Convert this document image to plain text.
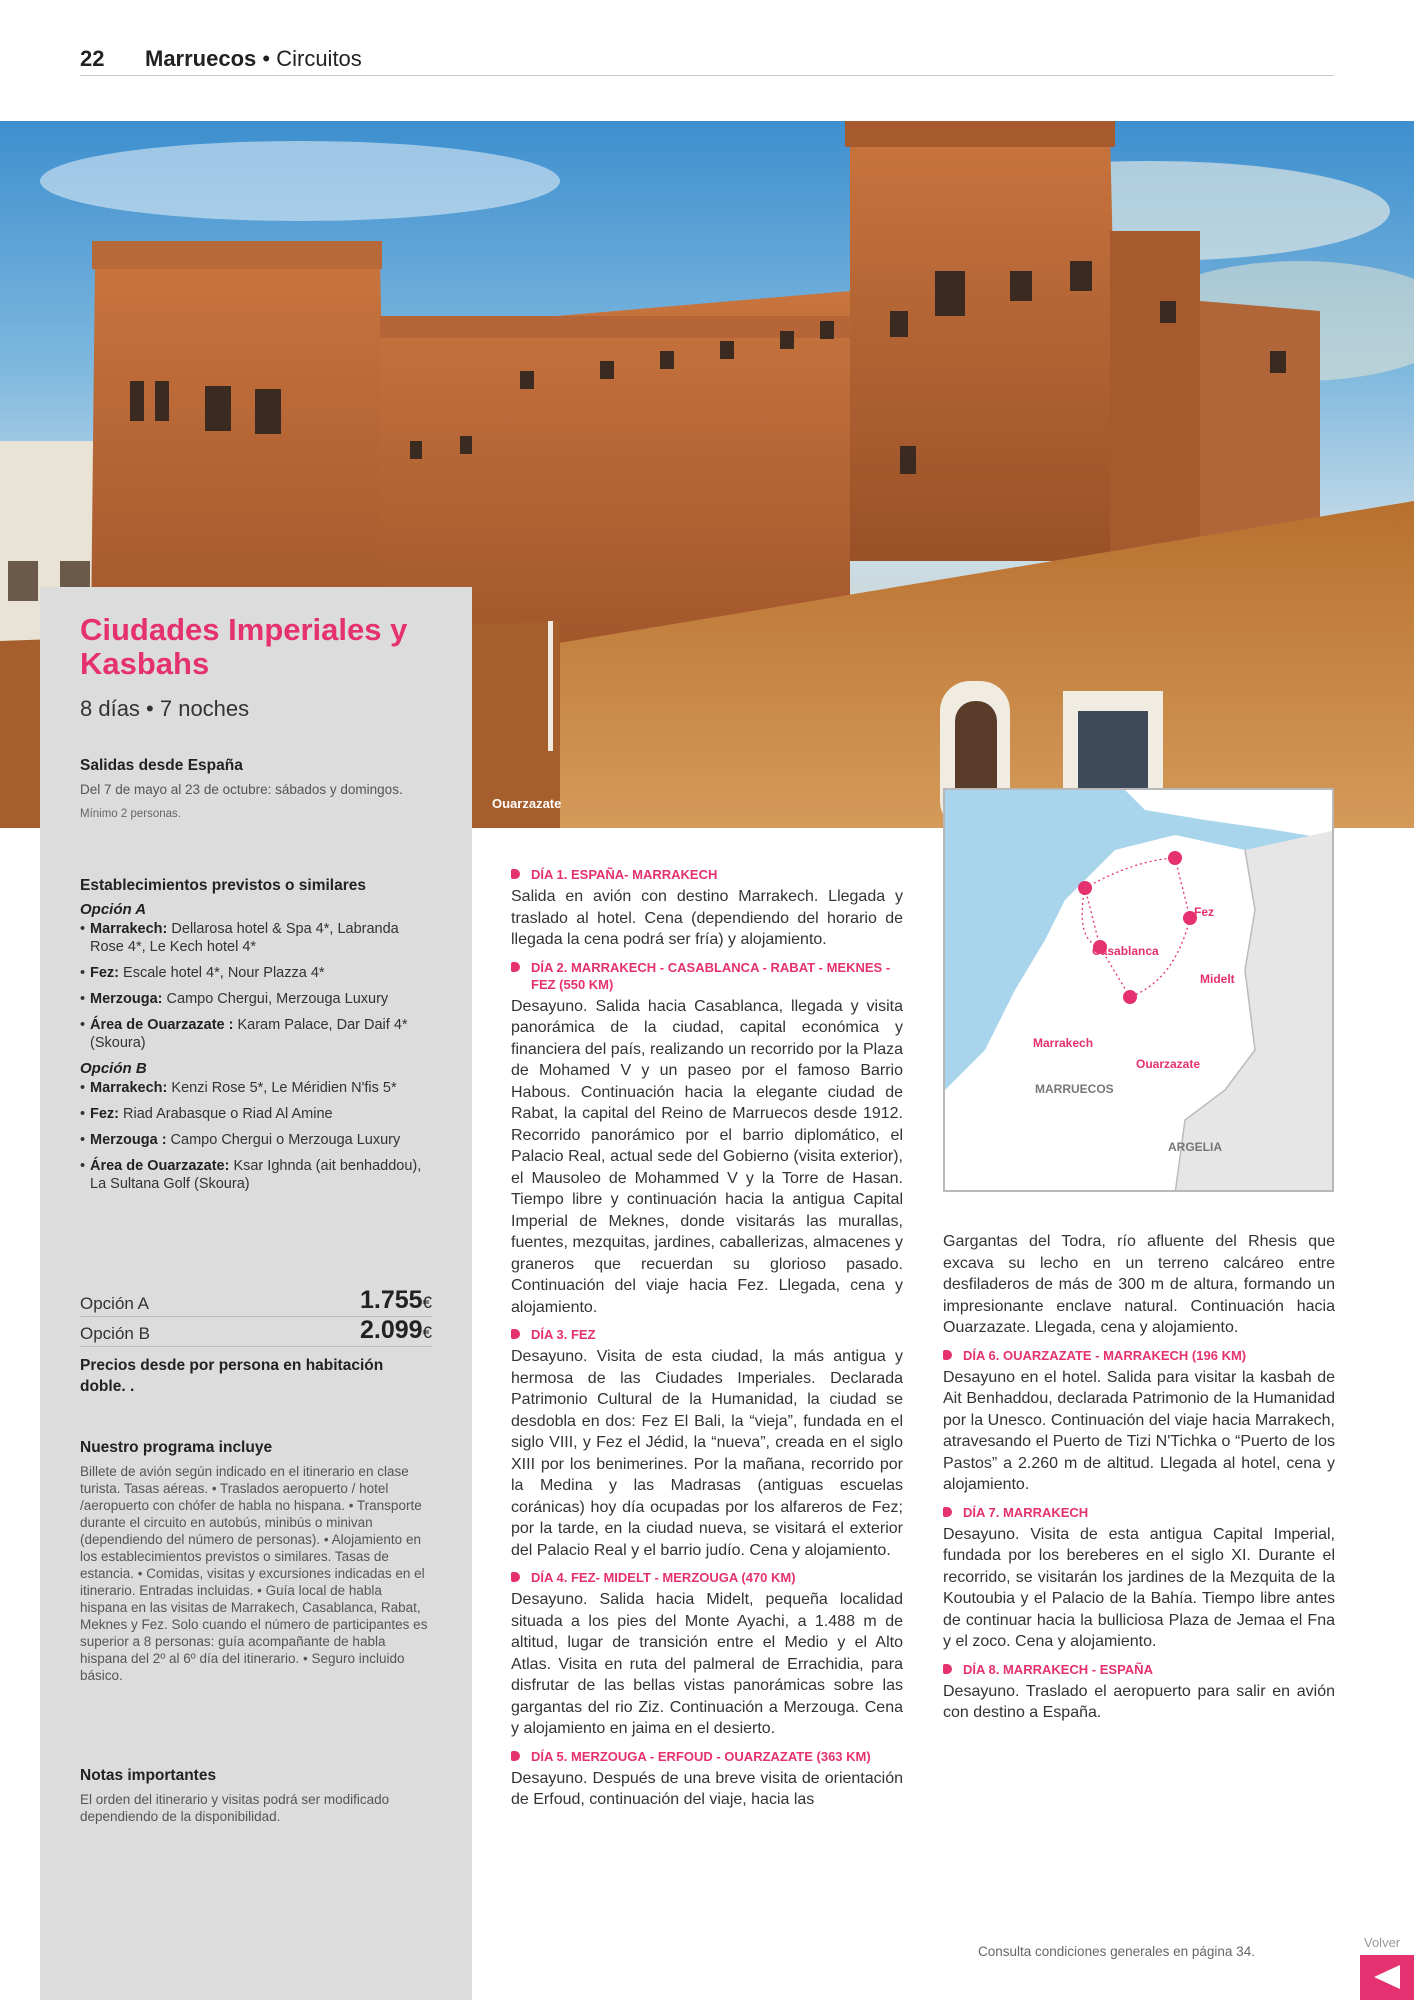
22 Marruecos • Circuitos
Ouarzazate
Ciudades Imperiales y Kasbahs
8 días • 7 noches
Salidas desde España
Del 7 de mayo al 23 de octubre: sábados y domingos.
Mínimo 2 personas.
Establecimientos previstos o similares
Opción A
• Marrakech: Dellarosa hotel & Spa 4*, Labranda Rose 4*, Le Kech hotel 4*
• Fez: Escale hotel 4*, Nour Plazza 4*
• Merzouga: Campo Chergui, Merzouga Luxury
• Área de Ouarzazate : Karam Palace, Dar Daif 4* (Skoura)
Opción B
• Marrakech: Kenzi Rose 5*, Le Méridien N'fis 5*
• Fez: Riad Arabasque o Riad Al Amine
• Merzouga : Campo Chergui o Merzouga Luxury
• Área de Ouarzazate: Ksar Ighnda (ait benhaddou), La Sultana Golf (Skoura)
Opción A	1.755€
Opción B	2.099€
Precios desde por persona en habitación doble. .
Nuestro programa incluye
Billete de avión según indicado en el itinerario en clase turista. Tasas aéreas. • Traslados aeropuerto / hotel /aeropuerto con chófer de habla no hispana. • Transporte durante el circuito en autobús, minibús o minivan (dependiendo del número de personas). • Alojamiento en los establecimientos previstos o similares. Tasas de estancia. • Comidas, visitas y excursiones indicadas en el itinerario. Entradas incluidas. • Guía local de habla hispana en las visitas de Marrakech, Casablanca, Rabat, Meknes y Fez. Solo cuando el número de participantes es superior a 8 personas: guía acompañante de habla hispana del 2º al 6º día del itinerario. • Seguro incluido básico.
Notas importantes
El orden del itinerario y visitas podrá ser modificado dependiendo de la disponibilidad.
DÍA 1. ESPAÑA- MARRAKECH
Salida en avión con destino Marrakech. Llegada y traslado al hotel. Cena (dependiendo del horario de llegada la cena podrá ser fría) y alojamiento.
DÍA 2. MARRAKECH - CASABLANCA - RABAT - MEKNES - FEZ (550 KM)
Desayuno. Salida hacia Casablanca, llegada y visita panorámica de la ciudad, capital económica y financiera del país, realizando un recorrido por la Plaza de Mohamed V y un paseo por el famoso Barrio Habous. Continuación hacia la elegante ciudad de Rabat, la capital del Reino de Marruecos desde 1912. Recorrido panorámico por el barrio diplomático, el Palacio Real, actual sede del Gobierno (visita exterior), el Mausoleo de Mohammed V y la Torre de Hasan. Tiempo libre y continuación hacia la antigua Capital Imperial de Meknes, donde visitarás las murallas, fuentes, mezquitas, jardines, caballerizas, almacenes y graneros que recuerdan su glorioso pasado. Continuación del viaje hacia Fez. Llegada, cena y alojamiento.
DÍA 3. FEZ
Desayuno. Visita de esta ciudad, la más antigua y hermosa de las Ciudades Imperiales. Declarada Patrimonio Cultural de la Humanidad, la ciudad se desdobla en dos: Fez El Bali, la “vieja”, fundada en el siglo VIII, y Fez el Jédid, la “nueva”, creada en el siglo XIII por los benimerines. Por la mañana, recorrido por la Medina y las Madrasas (antiguas escuelas coránicas) hoy día ocupadas por los alfareros de Fez; por la tarde, en la ciudad nueva, se visitará el exterior del Palacio Real y el barrio judío. Cena y alojamiento.
DÍA 4. FEZ- MIDELT - MERZOUGA (470 KM)
Desayuno. Salida hacia Midelt, pequeña localidad situada a los pies del Monte Ayachi, a 1.488 m de altitud, lugar de transición entre el Medio y el Alto Atlas. Visita en ruta del palmeral de Errachidia, para disfrutar de las bellas vistas panorámicas sobre las gargantas del rio Ziz. Continuación a Merzouga. Cena y alojamiento en jaima en el desierto.
DÍA 5. MERZOUGA - ERFOUD - OUARZAZATE (363 KM)
Desayuno. Después de una breve visita de orientación de Erfoud, continuación del viaje, hacia las
Fez
Casablanca
Midelt
Marrakech
Ouarzazate
MARRUECOS
ARGELIA
Gargantas del Todra, río afluente del Rhesis que excava su lecho en un terreno calcáreo entre desfiladeros de más de 300 m de altura, formando un impresionante enclave natural. Continuación hacia Ouarzazate. Llegada, cena y alojamiento.
DÍA 6. OUARZAZATE - MARRAKECH (196 KM)
Desayuno en el hotel. Salida para visitar la kasbah de Ait Benhaddou, declarada Patrimonio de la Humanidad por la Unesco. Continuación del viaje hacia Marrakech, atravesando el Puerto de Tizi N'Tichka o “Puerto de los Pastos” a 2.260 m de altitud. Llegada al hotel, cena y alojamiento.
DÍA 7. MARRAKECH
Desayuno. Visita de esta antigua Capital Imperial, fundada por los bereberes en el siglo XI. Durante el recorrido, se visitarán los jardines de la Mezquita de la Koutoubia y el Palacio de la Bahía. Tiempo libre antes de continuar hacia la bulliciosa Plaza de Jemaa el Fna y el zoco. Cena y alojamiento.
DÍA 8. MARRAKECH - ESPAÑA
Desayuno. Traslado el aeropuerto para salir en avión con destino a España.
Consulta condiciones generales en página 34.
Volver
